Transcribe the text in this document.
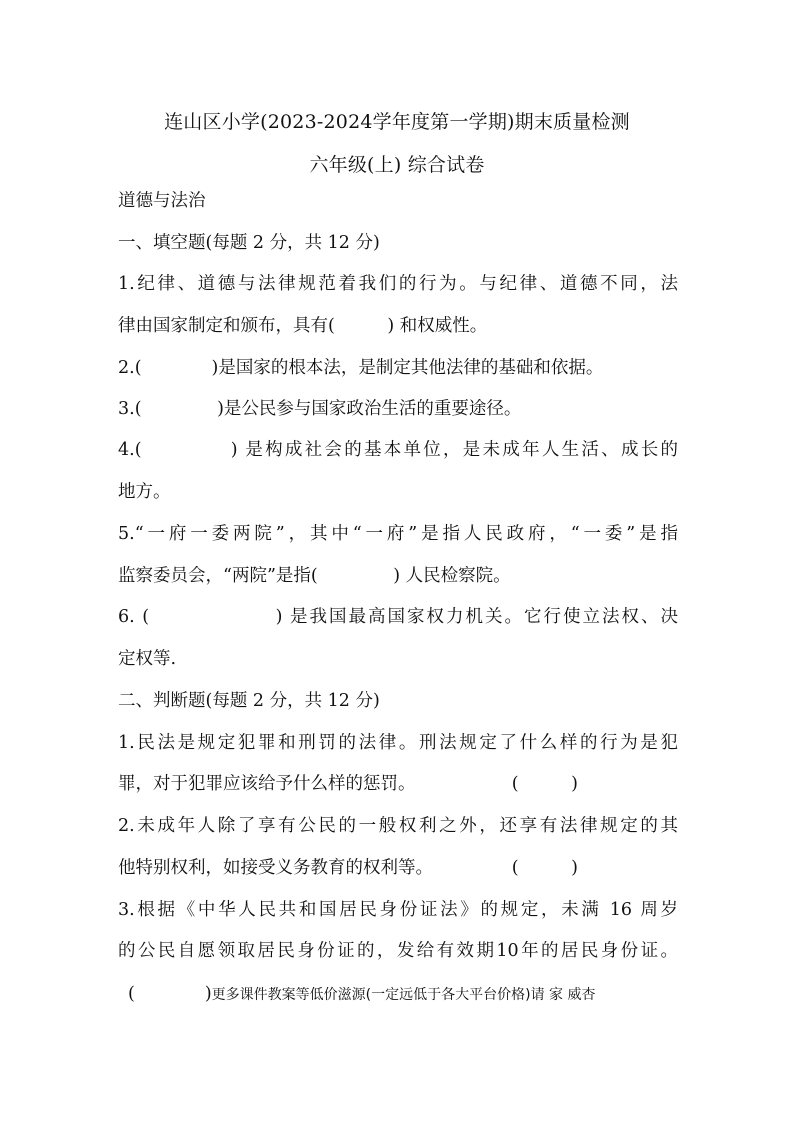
连山区小学(2023-2024学年度第一学期)期末质量检测
六年级(上) 综合试卷
道德与法治
一、填空题(每题 2 分，共 12 分)
1.纪律、道德与法律规范着我们的行为。与纪律、道德不同，法
律由国家制定和颁布，具有(　　　) 和权威性。
2.(　　　　)是国家的根本法，是制定其他法律的基础和依据。
3.(　　　　 )是公民参与国家政治生活的重要途径。
4.(　　　　 ) 是构成社会的基本单位，是未成年人生活、成长的
地方。
5.“一府一委两院”，其中“一府”是指人民政府，“一委”是指
监察委员会，“两院”是指(　　　　 ) 人民检察院。
6. (　　　　　　 ) 是我国最高国家权力机关。它行使立法权、决
定权等.
二、判断题(每题 2 分，共 12 分)
1.民法是规定犯罪和刑罚的法律。刑法规定了什么样的行为是犯
罪，对于犯罪应该给予什么样的惩罚。　　　　　　(　　　)
2.未成年人除了享有公民的一般权利之外，还享有法律规定的其
他特别权利，如接受义务教育的权利等。　　　　　(　　　)
3.根据《中华人民共和国居民身份证法》的规定，未满 16 周岁
的公民自愿领取居民身份证的，发给有效期10年的居民身份证。
(　　　　)更多课件教案等低价滋源(一定远低于各大平台价格)请 家 威杏
